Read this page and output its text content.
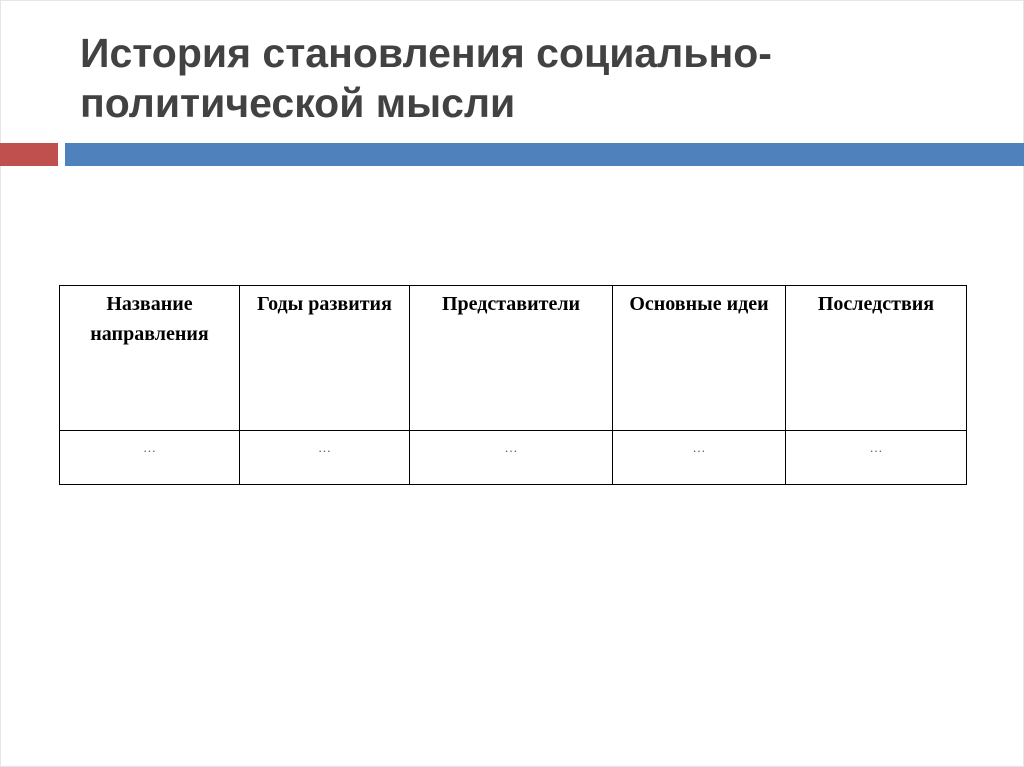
История становления социально-
политической мысли
Название направления	Годы развития	Представители	Основные идеи	Последствия
…	…	…	…	…
